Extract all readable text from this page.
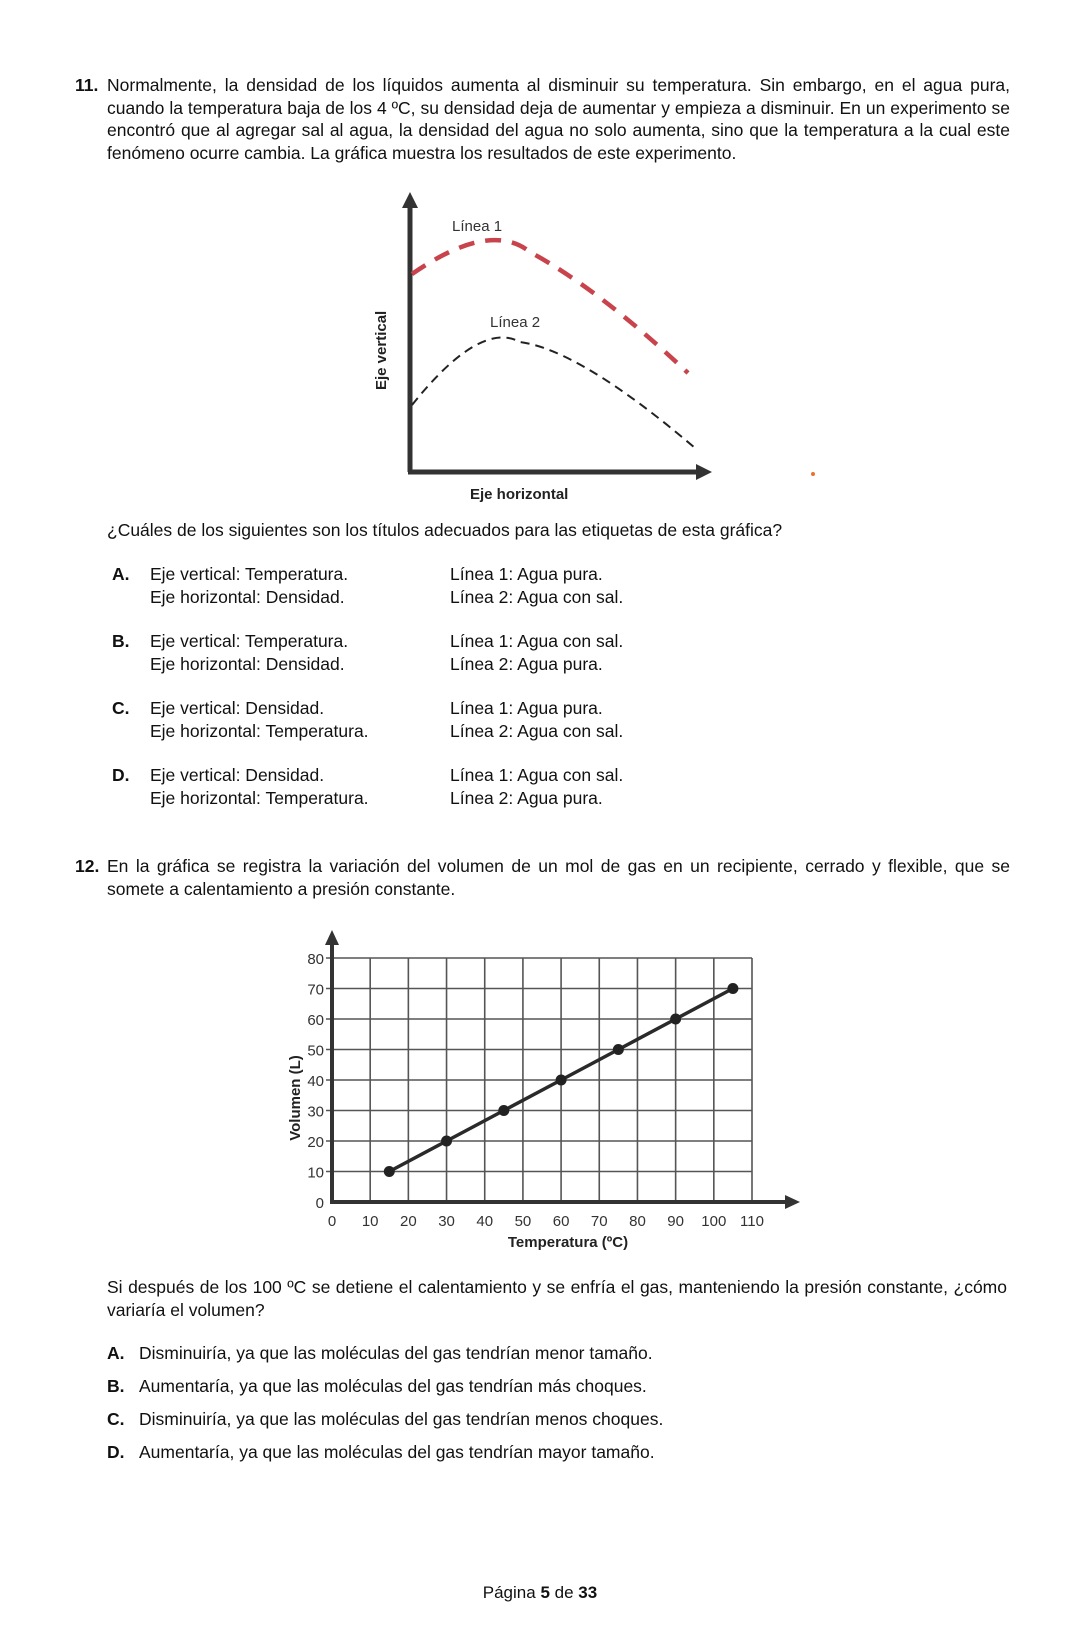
11. Normalmente, la densidad de los líquidos aumenta al disminuir su temperatura. Sin embargo, en el agua pura, cuando la temperatura baja de los 4 ºC, su densidad deja de aumentar y empieza a disminuir. En un experimento se encontró que al agregar sal al agua, la densidad del agua no solo aumenta, sino que la temperatura a la cual este fenómeno ocurre cambia. La gráfica muestra los resultados de este experimento.
Línea 1
Línea 2
Eje vertical
Eje horizontal
¿Cuáles de los siguientes son los títulos adecuados para las etiquetas de esta gráfica?
A. Eje vertical: Temperatura.
Eje horizontal: Densidad.
Línea 1: Agua pura.
Línea 2: Agua con sal.
B. Eje vertical: Temperatura.
Eje horizontal: Densidad.
Línea 1: Agua con sal.
Línea 2: Agua pura.
C. Eje vertical: Densidad.
Eje horizontal: Temperatura.
Línea 1: Agua pura.
Línea 2: Agua con sal.
D. Eje vertical: Densidad.
Eje horizontal: Temperatura.
Línea 1: Agua con sal.
Línea 2: Agua pura.
12. En la gráfica se registra la variación del volumen de un mol de gas en un recipiente, cerrado y flexible, que se somete a calentamiento a presión constante.
0
10
20
30
40
50
60
70
80
0 10 20 30 40 50 60 70 80 90 100 110
Volumen (L)
Temperatura (ºC)
Si después de los 100 ºC se detiene el calentamiento y se enfría el gas, manteniendo la presión constante, ¿cómo variaría el volumen?
A. Disminuiría, ya que las moléculas del gas tendrían menor tamaño.
B. Aumentaría, ya que las moléculas del gas tendrían más choques.
C. Disminuiría, ya que las moléculas del gas tendrían menos choques.
D. Aumentaría, ya que las moléculas del gas tendrían mayor tamaño.
Página 5 de 33
